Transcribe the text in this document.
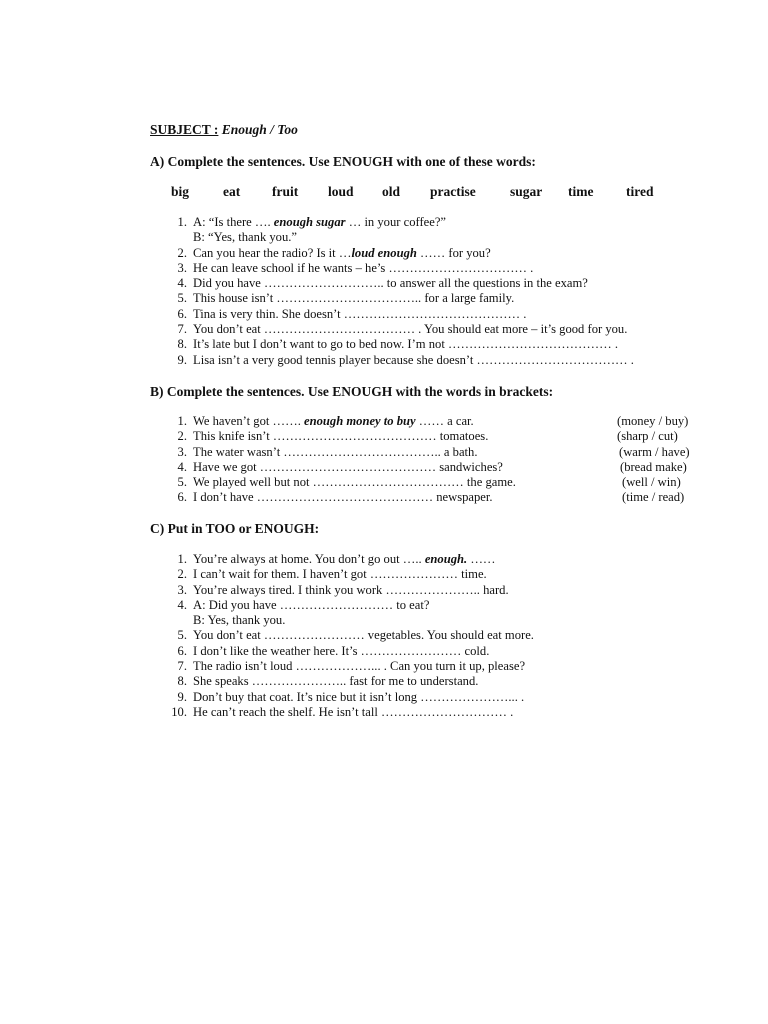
SUBJECT : Enough / Too
A) Complete the sentences. Use ENOUGH with one of these words:
big	eat fruit loud old practise	sugar time tired
1. A: “Is there …. enough sugar … in your coffee?”
B: “Yes, thank you.”
2. Can you hear the radio? Is it …loud enough …… for you?
3. He can leave school if he wants – he’s …………………………… .
4. Did you have ……………………….. to answer all the questions in the exam?
5. This house isn’t …………………………….. for a large family.
6. Tina is very thin. She doesn’t …………………………………… .
7. You don’t eat ……………………………… . You should eat more – it’s good for you.
8. It’s late but I don’t want to go to bed now. I’m not ………………………………… .
9. Lisa isn’t a very good tennis player because she doesn’t ……………………………… .
B) Complete the sentences. Use ENOUGH with the words in brackets:
1. We haven’t got ……. enough money to buy …… a car.	(money / buy)
2. This knife isn’t ………………………………… tomatoes.	(sharp / cut)
3. The water wasn’t ……………………………….. a bath.	(warm / have)
4. Have we got …………………………………… sandwiches?	(bread make)
5. We played well but not ……………………………… the game.	(well / win)
6. I don’t have …………………………………… newspaper.	(time / read)
C) Put in TOO or ENOUGH:
1. You’re always at home. You don’t go out ….. enough. ……
2. I can’t wait for them. I haven’t got ………………… time.
3. You’re always tired. I think you work ………………….. hard.
4. A: Did you have ……………………… to eat?
B: Yes, thank you.
5. You don’t eat …………………… vegetables. You should eat more.
6. I don’t like the weather here. It’s …………………… cold.
7. The radio isn’t loud ………………... . Can you turn it up, please?
8. She speaks ………………….. fast for me to understand.
9. Don’t buy that coat. It’s nice but it isn’t long …………………... .
10. He can’t reach the shelf. He isn’t tall ………………………… .
